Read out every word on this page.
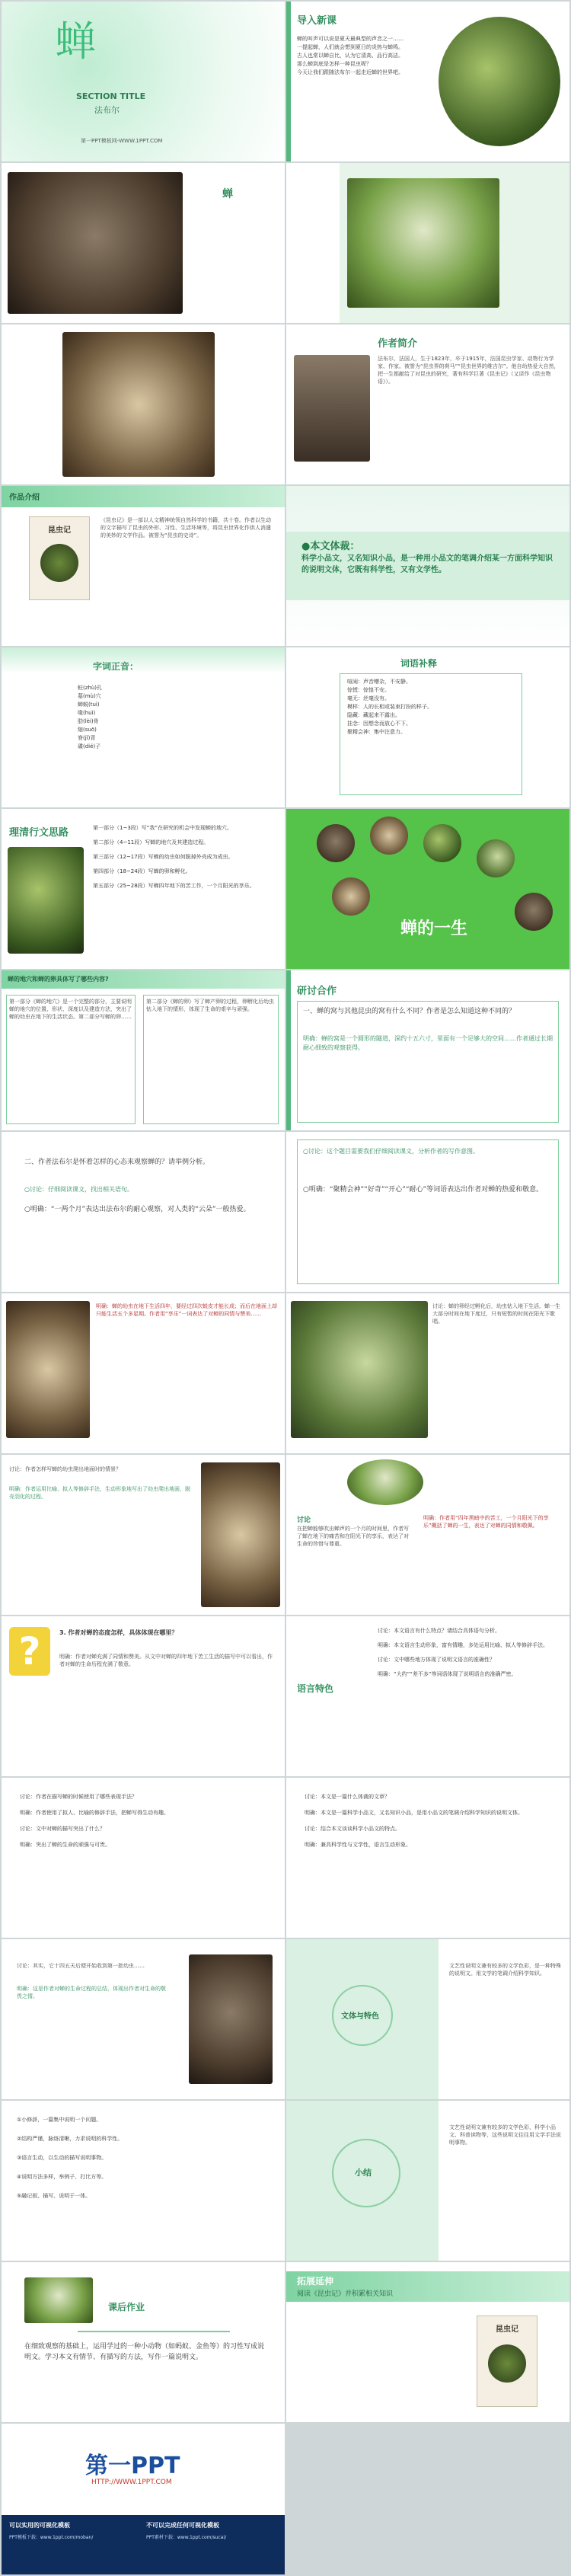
蝉
SECTION TITLE
法布尔
第一PPT模板网-WWW.1PPT.COM
导入新课
蝉的叫声可以说是夏天最典型的声音之一……
一提起蝉，人们就会想到夏日的炎热与蝉鸣。
古人也常以蝉自比，认为它清高、品行高洁。
那么蝉到底是怎样一种昆虫呢？
今天让我们跟随法布尔一起走近蝉的世界吧。
蝉
作者简介
法布尔，法国人，生于1823年，卒于1915年，法国昆虫学家、动物行为学家、作家。被誉为“昆虫界的荷马”“昆虫世界的维吉尔”。他自幼热爱大自然，把一生都献给了对昆虫的研究，著有科学巨著《昆虫记》（又译作《昆虫物语》）。
作品介绍
昆虫记
《昆虫记》是一部以人文精神统领自然科学的书籍，共十卷。作者以生动的文字描写了昆虫的外形、习性、生活环境等，将昆虫世界化作供人消遣的美妙的文学作品。被誉为“昆虫的史诗”。
●本文体裁：
科学小品文，又名知识小品，是一种用小品文的笔调介绍某一方面科学知识的说明文体，它既有科学性，又有文学性。
字词正音：
蛀(zhù)孔
墓(mù)穴
蝉蜕(tuì)
喙(huì)
肋(lèi)骨
缩(suō)
脊(jǐ)背
碟(dié)子
词语补释
喧闹：声音嘈杂，不安静。
惊慌：惊惶不安。
毫无：丝毫没有。
模样：人的长相或装束打扮的样子。
隐藏：藏起来不露出。
挂念：因想念而放心不下。
聚精会神：集中注意力。
理清行文思路	第一部分（1~3段）写“我”在研究的机会中发现蝉的地穴。
第二部分（4~11段）写蝉的地穴及其建造过程。
第三部分（12~17段）写蝉的幼虫如何脱掉外壳成为成虫。
第四部分（18~24段）写蝉的卵和孵化。
第五部分（25~28段）写蝉四年地下的苦工作，一个月阳光的享乐。
蝉的一生
蝉的地穴和蝉的卵具体写了哪些内容?
第一部分《蝉的地穴》是一个完整的部分，主要说明蝉的地穴的位置、形状、深度以及建造方法，突出了蝉的幼虫在地下的生活状态。第二部分写蝉的卵……
第二部分《蝉的卵》写了蝉产卵的过程，卵孵化后幼虫钻入地下的情形，体现了生命的艰辛与顽强。
研讨合作
一、蝉的窝与其他昆虫的窝有什么不同？作者是怎么知道这种不同的？
明确：蝉的窝是一个圆形的隧道，深约十五六寸，里面有一个足够大的空间……作者通过长期耐心细致的观察获得。
二、作者法布尔是怀着怎样的心态来观察蝉的？请举例分析。
○讨论：仔细阅读课文，找出相关语句。
○明确：“一两个月”表达出法布尔的耐心观察，对人类的“云朵”一般热爱。
○讨论：这个题目需要我们仔细阅读课文，分析作者的写作意图。
○明确：“聚精会神”“好奇”“开心”“耐心”等词语表达出作者对蝉的热爱和敬意。
明确：蝉的幼虫在地下生活四年，要经过四次蜕皮才能长成；而后在地面上却只能生活五个多星期。作者用“享乐”一词表达了对蝉的同情与赞美……
讨论：蝉的卵经过孵化后，幼虫钻入地下生活。蝉一生大部分时间在地下度过，只有短暂的时间在阳光下歌唱。
讨论：作者怎样写蝉的幼虫爬出地面时的情景？
明确：作者运用比喻、拟人等修辞手法，生动形象地写出了幼虫爬出地面、脱壳羽化的过程。
讨论
在把蝉能够吹出蝉声的一个月的时间里，作者写了蝉在地下的痛苦和在阳光下的享乐，表达了对生命的珍惜与尊重。
明确：作者用“四年黑暗中的苦工，一个月阳光下的享乐”概括了蝉的一生，表达了对蝉的同情和敬佩。
?	3. 作者对蝉的态度怎样，具体体现在哪里？
明确：作者对蝉充满了同情和赞美。从文中对蝉的四年地下苦工生活的描写中可以看出，作者对蝉的生命历程充满了敬意。
语言特色
讨论：本文语言有什么特点？请结合具体语句分析。
明确：本文语言生动形象，富有情趣，多处运用比喻、拟人等修辞手法。
讨论：文中哪些地方体现了说明文语言的准确性？
明确：“大约”“差不多”等词语体现了说明语言的准确严密。
讨论：作者在描写蝉的时候使用了哪些表现手法？
明确：作者使用了拟人、比喻的修辞手法，把蝉写得生动有趣。
讨论：文中对蝉的描写突出了什么？
明确：突出了蝉的生命的顽强与可贵。
讨论：本文是一篇什么体裁的文章？
明确：本文是一篇科学小品文，又名知识小品，是用小品文的笔调介绍科学知识的说明文体。
讨论：结合本文谈谈科学小品文的特点。
明确：兼具科学性与文学性，语言生动形象。
讨论：其实，它十四五天后便开始收到第一批幼虫……
明确：这是作者对蝉的生命过程的总结，体现出作者对生命的敬畏之情。
文体与特色
文艺性说明文兼有较多的文学色彩，是一种特殊的说明文。用文学的笔调介绍科学知识。
①小修辞，一篇集中说明一个问题。
②结构严谨，脉络清晰，力求说明的科学性。
③语言生动，以生动的描写说明事物。
④说明方法多样，举例子、打比方等。
⑤融记叙、描写、说明于一体。
小结
文艺性说明文兼有较多的文学色彩，科学小品文、科普读物等，这些说明文往往用文学手法说明事物。
课后作业
在细致观察的基础上，运用学过的一种小动物（如蚂蚁、金鱼等）的习性写成说明文。学习本文有情节、有描写的方法，写作一篇说明文。
拓展延伸
阅读《昆虫记》并积累相关知识
昆虫记
第一PPT
HTTP://WWW.1PPT.COM
可以实用的可视化模板
PPT模板下载：www.1ppt.com/moban/
不可以完成任何可视化模板
PPT素材下载：www.1ppt.com/sucai/
